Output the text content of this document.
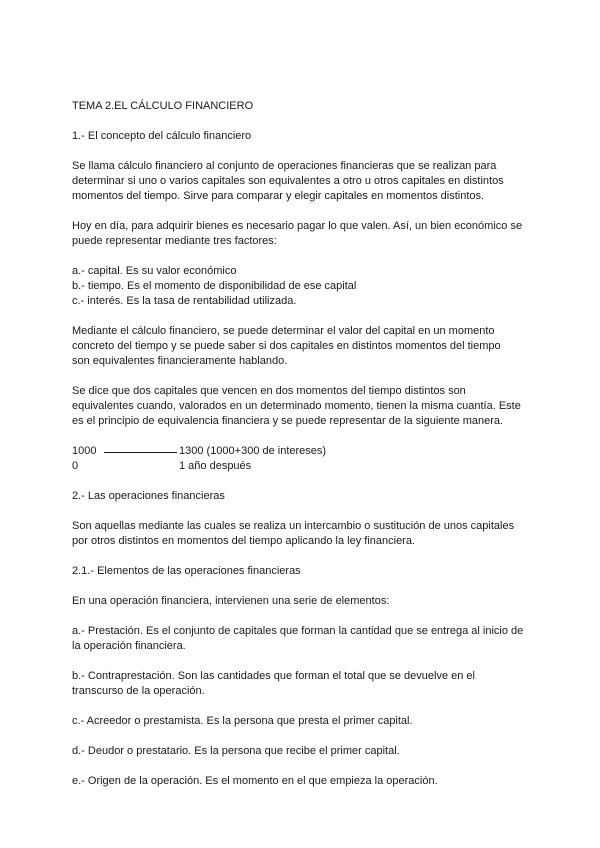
TEMA 2.EL CÁLCULO FINANCIERO
1.- El concepto del cálculo financiero
Se llama cálculo financiero al conjunto de operaciones financieras que se realizan para
determinar si uno o varios capitales son equivalentes a otro u otros capitales en distintos
momentos del tiempo. Sirve para comparar y elegir capitales en momentos distintos.
Hoy en día, para adquirir bienes es necesario pagar lo que valen. Así, un bien económico se
puede representar mediante tres factores:
a.- capital. Es su valor económico
b.- tiempo. Es el momento de disponibilidad de ese capital
c.- interés. Es la tasa de rentabilidad utilizada.
Mediante el cálculo financiero, se puede determinar el valor del capital en un momento
concreto del tiempo y se puede saber si dos capitales en distintos momentos del tiempo
son equivalentes financieramente hablando.
Se dice que dos capitales que vencen en dos momentos del tiempo distintos son
equivalentes cuando, valorados en un determinado momento, tienen la misma cuantía. Este
es el principio de equivalencia financiera y se puede representar de la siguiente manera.
1000	1300 (1000+300 de intereses)
0	1 año después
2.- Las operaciones financieras
Son aquellas mediante las cuales se realiza un intercambio o sustitución de unos capitales
por otros distintos en momentos del tiempo aplicando la ley financiera.
2.1.- Elementos de las operaciones financieras
En una operación financiera, intervienen una serie de elementos:
a.- Prestación. Es el conjunto de capitales que forman la cantidad que se entrega al inicio de
la operación financiera.
b.- Contraprestación. Son las cantidades que forman el total que se devuelve en el
transcurso de la operación.
c.- Acreedor o prestamista. Es la persona que presta el primer capital.
d.- Deudor o prestatario. Es la persona que recibe el primer capital.
e.- Origen de la operación. Es el momento en el que empieza la operación.
